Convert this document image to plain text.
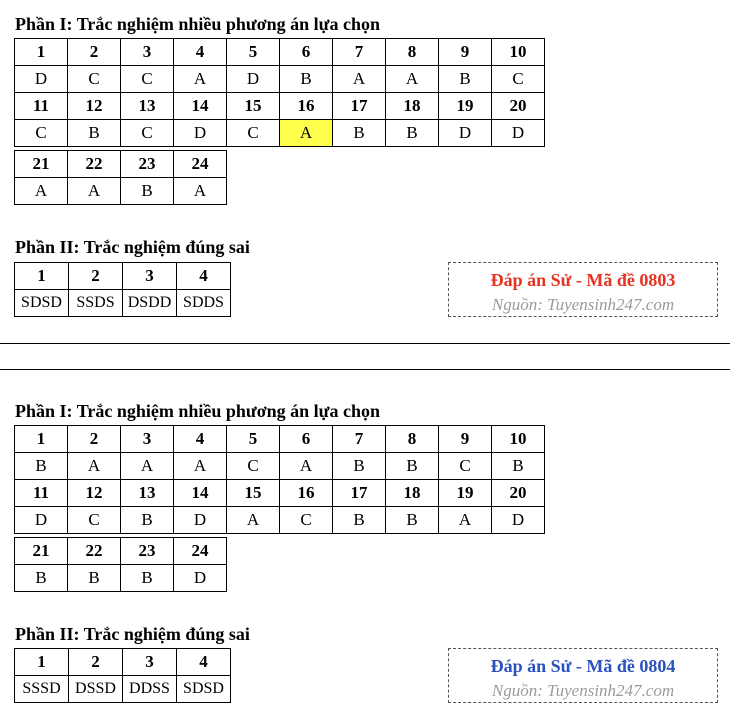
Phần I: Trắc nghiệm nhiều phương án lựa chọn
1	2	3	4	5	6	7	8	9	10
D	C	C	A	D	B	A	A	B	C
11	12	13	14	15	16	17	18	19	20
C	B	C	D	C	A	B	B	D	D
21	22	23	24
A	A	B	A
Phần II: Trắc nghiệm đúng sai
1	2	3	4
SDSD	SSDS	DSDD	SDDS
Đáp án Sử - Mã đề 0803
Nguồn: Tuyensinh247.com
Phần I: Trắc nghiệm nhiều phương án lựa chọn
1	2	3	4	5	6	7	8	9	10
B	A	A	A	C	A	B	B	C	B
11	12	13	14	15	16	17	18	19	20
D	C	B	D	A	C	B	B	A	D
21	22	23	24
B	B	B	D
Phần II: Trắc nghiệm đúng sai
1	2	3	4
SSSD	DSSD	DDSS	SDSD
Đáp án Sử - Mã đề 0804
Nguồn: Tuyensinh247.com
